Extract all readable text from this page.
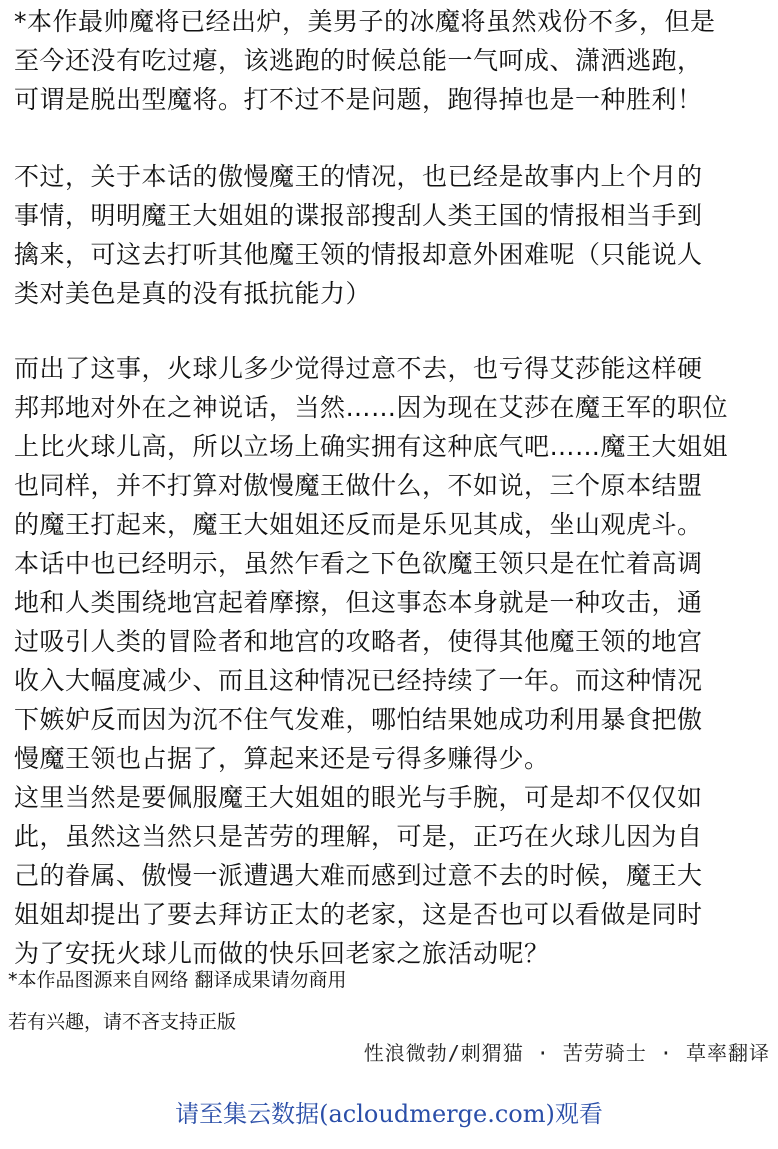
*本作最帅魔将已经出炉，美男子的冰魔将虽然戏份不多，但是
至今还没有吃过瘪，该逃跑的时候总能一气呵成、潇洒逃跑，
可谓是脱出型魔将。打不过不是问题，跑得掉也是一种胜利！
不过，关于本话的傲慢魔王的情况，也已经是故事内上个月的
事情，明明魔王大姐姐的谍报部搜刮人类王国的情报相当手到
擒来，可这去打听其他魔王领的情报却意外困难呢（只能说人
类对美色是真的没有抵抗能力）
而出了这事，火球儿多少觉得过意不去，也亏得艾莎能这样硬
邦邦地对外在之神说话，当然……因为现在艾莎在魔王军的职位
上比火球儿高，所以立场上确实拥有这种底气吧……魔王大姐姐
也同样，并不打算对傲慢魔王做什么，不如说，三个原本结盟
的魔王打起来，魔王大姐姐还反而是乐见其成，坐山观虎斗。
本话中也已经明示，虽然乍看之下色欲魔王领只是在忙着高调
地和人类围绕地宫起着摩擦，但这事态本身就是一种攻击，通
过吸引人类的冒险者和地宫的攻略者，使得其他魔王领的地宫
收入大幅度减少、而且这种情况已经持续了一年。而这种情况
下嫉妒反而因为沉不住气发难，哪怕结果她成功利用暴食把傲
慢魔王领也占据了，算起来还是亏得多赚得少。
这里当然是要佩服魔王大姐姐的眼光与手腕，可是却不仅仅如
此，虽然这当然只是苦劳的理解，可是，正巧在火球儿因为自
己的眷属、傲慢一派遭遇大难而感到过意不去的时候，魔王大
姐姐却提出了要去拜访正太的老家，这是否也可以看做是同时
为了安抚火球儿而做的快乐回老家之旅活动呢？
*本作品图源来自网络 翻译成果请勿商用
若有兴趣，请不吝支持正版
性浪微勃/刺猬猫 · 苦劳骑士 · 草率翻译
请至集云数据(acloudmerge.com)观看
